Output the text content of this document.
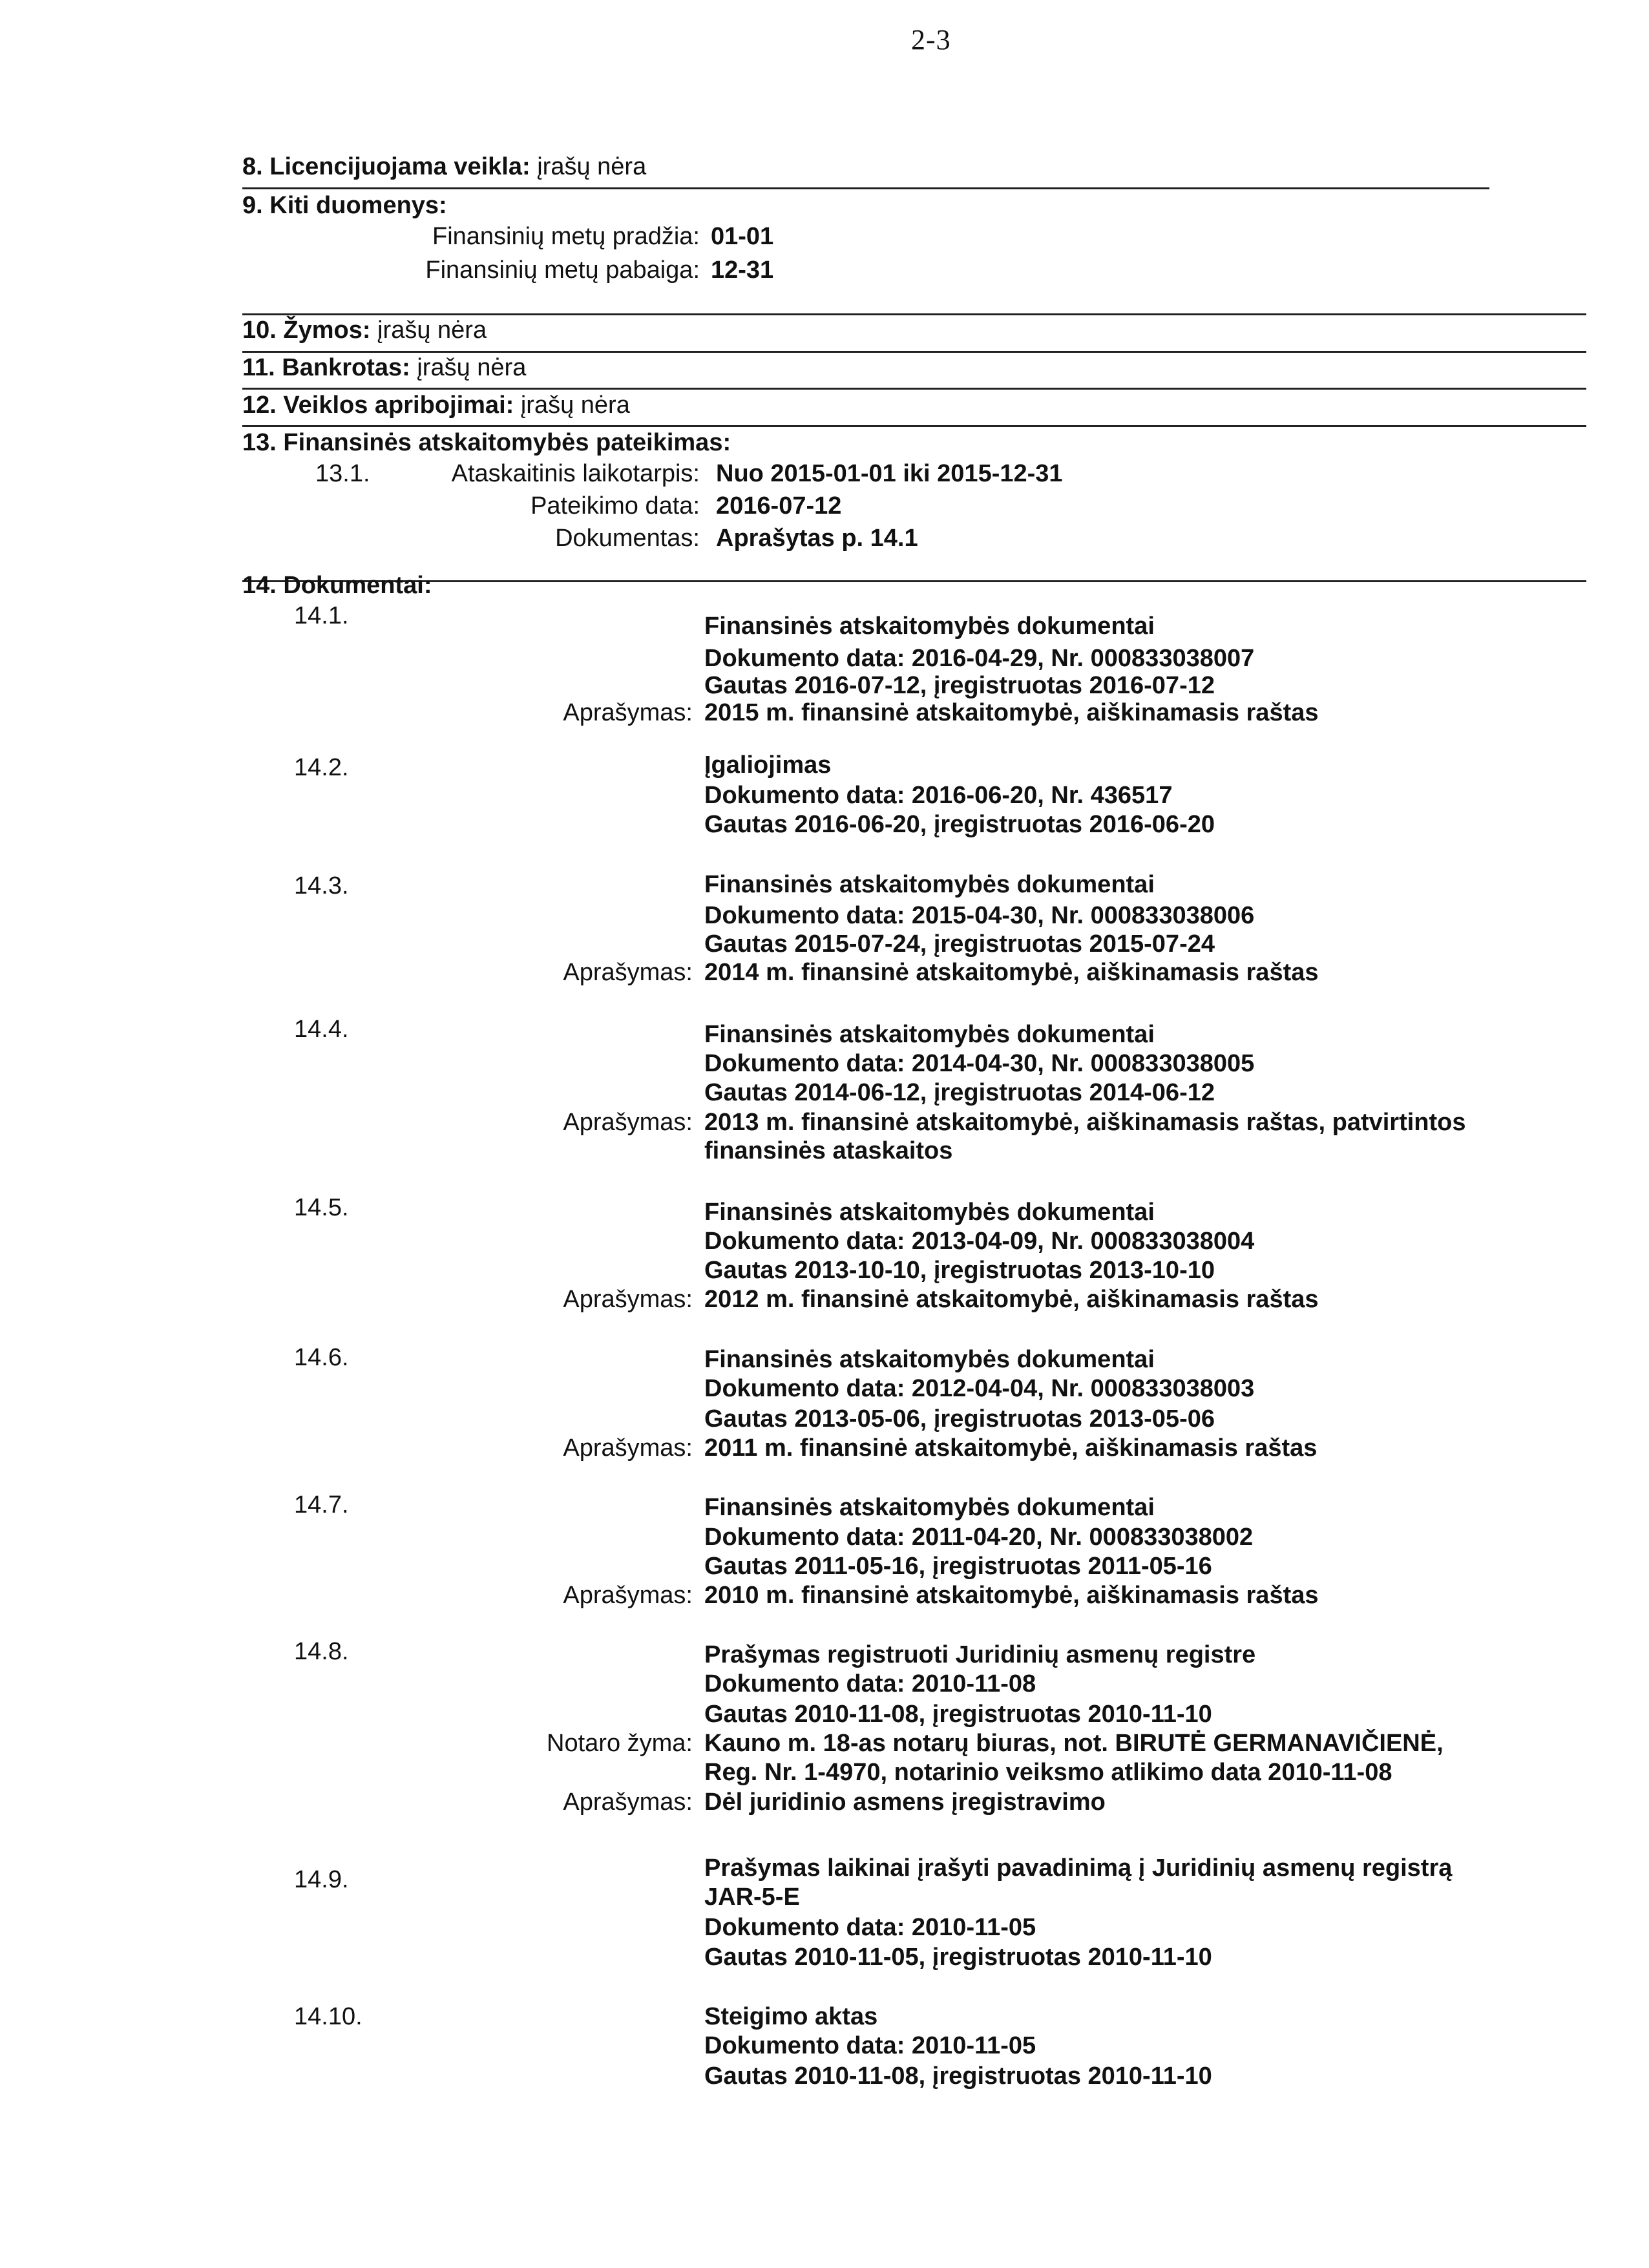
2-3
8. Licencijuojama veikla: įrašų nėra
9. Kiti duomenys:
Finansinių metų pradžia: 01-01
Finansinių metų pabaiga: 12-31
10. Žymos: įrašų nėra
11. Bankrotas: įrašų nėra
12. Veiklos apribojimai: įrašų nėra
13. Finansinės atskaitomybės pateikimas:
13.1.	Ataskaitinis laikotarpis: Nuo 2015-01-01 iki 2015-12-31
Pateikimo data: 2016-07-12
Dokumentas: Aprašytas p. 14.1
14. Dokumentai:
14.1.	Finansinės atskaitomybės dokumentai
Dokumento data: 2016-04-29, Nr. 000833038007
Gautas 2016-07-12, įregistruotas 2016-07-12
Aprašymas: 2015 m. finansinė atskaitomybė, aiškinamasis raštas
14.2.	Įgaliojimas
Dokumento data: 2016-06-20, Nr. 436517
Gautas 2016-06-20, įregistruotas 2016-06-20
14.3.	Finansinės atskaitomybės dokumentai
Dokumento data: 2015-04-30, Nr. 000833038006
Gautas 2015-07-24, įregistruotas 2015-07-24
Aprašymas: 2014 m. finansinė atskaitomybė, aiškinamasis raštas
14.4.	Finansinės atskaitomybės dokumentai
Dokumento data: 2014-04-30, Nr. 000833038005
Gautas 2014-06-12, įregistruotas 2014-06-12
Aprašymas: 2013 m. finansinė atskaitomybė, aiškinamasis raštas, patvirtintos
finansinės ataskaitos
14.5.	Finansinės atskaitomybės dokumentai
Dokumento data: 2013-04-09, Nr. 000833038004
Gautas 2013-10-10, įregistruotas 2013-10-10
Aprašymas: 2012 m. finansinė atskaitomybė, aiškinamasis raštas
14.6.	Finansinės atskaitomybės dokumentai
Dokumento data: 2012-04-04, Nr. 000833038003
Gautas 2013-05-06, įregistruotas 2013-05-06
Aprašymas: 2011 m. finansinė atskaitomybė, aiškinamasis raštas
14.7.	Finansinės atskaitomybės dokumentai
Dokumento data: 2011-04-20, Nr. 000833038002
Gautas 2011-05-16, įregistruotas 2011-05-16
Aprašymas: 2010 m. finansinė atskaitomybė, aiškinamasis raštas
14.8.	Prašymas registruoti Juridinių asmenų registre
Dokumento data: 2010-11-08
Gautas 2010-11-08, įregistruotas 2010-11-10
Notaro žyma: Kauno m. 18-as notarų biuras, not. BIRUTĖ GERMANAVIČIENĖ,
Reg. Nr. 1-4970, notarinio veiksmo atlikimo data 2010-11-08
Aprašymas: Dėl juridinio asmens įregistravimo
14.9.	Prašymas laikinai įrašyti pavadinimą į Juridinių asmenų registrą
JAR-5-E
Dokumento data: 2010-11-05
Gautas 2010-11-05, įregistruotas 2010-11-10
14.10.	Steigimo aktas
Dokumento data: 2010-11-05
Gautas 2010-11-08, įregistruotas 2010-11-10
